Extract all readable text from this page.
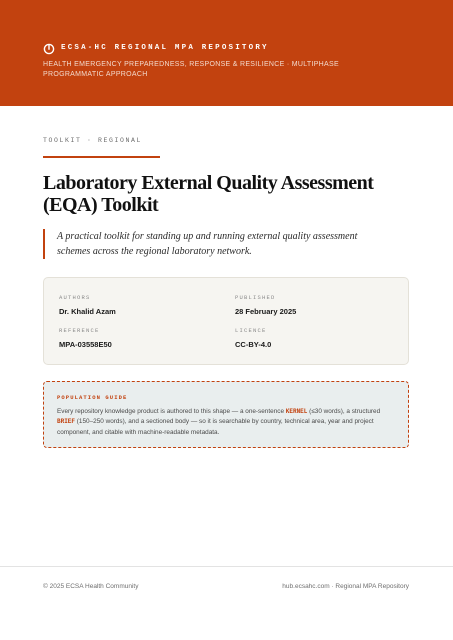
ECSA-HC REGIONAL MPA REPOSITORY
HEALTH EMERGENCY PREPAREDNESS, RESPONSE & RESILIENCE · MULTIPHASE PROGRAMMATIC APPROACH
TOOLKIT · REGIONAL
Laboratory External Quality Assessment (EQA) Toolkit

A practical toolkit for standing up and running external quality assessment schemes across the regional laboratory network.

AUTHORS
Dr. Khalid Azam
PUBLISHED
28 February 2025
REFERENCE
MPA-03558E50
LICENCE
CC-BY-4.0
POPULATION GUIDE

Every repository knowledge product is authored to this shape — a one-sentence KERNEL (≤30 words), a structured BRIEF (150–250 words), and a sectioned body — so it is searchable by country, technical area, year and project component, and citable with machine-readable metadata.

© 2025 ECSA Health Community	hub.ecsahc.com · Regional MPA Repository
